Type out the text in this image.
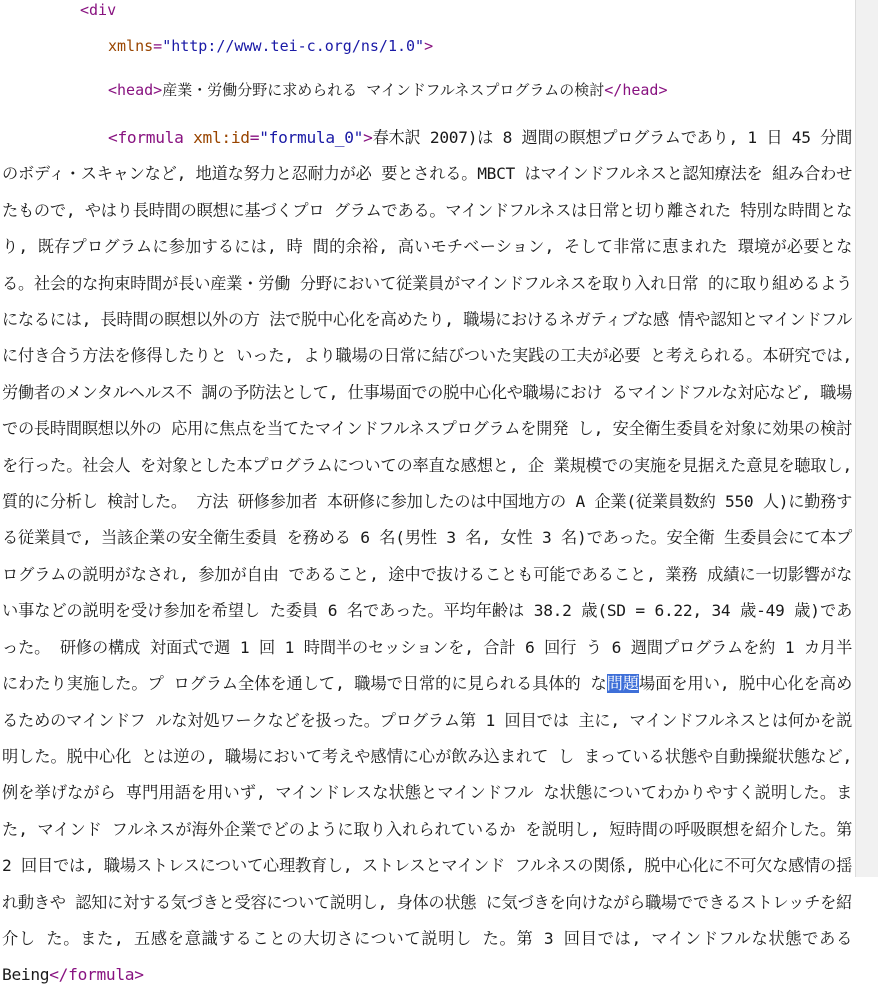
<div
xmlns="http://www.tei-c.org/ns/1.0">
<head>産業・労働分野に求められる マインドフルネスプログラムの検討</head>
<formula xml:id="formula_0">春木訳 2007)は 8 週間の瞑想プログラムであり, 1 日 45 分間のボディ・スキャンなど, 地道な努力と忍耐力が必 要とされる。MBCT はマインドフルネスと認知療法を 組み合わせたもので, やはり長時間の瞑想に基づくプロ グラムである。マインドフルネスは日常と切り離された 特別な時間となり, 既存プログラムに参加するには, 時 間的余裕, 高いモチベーション, そして非常に恵まれた 環境が必要となる。社会的な拘束時間が長い産業・労働 分野において従業員がマインドフルネスを取り入れ日常 的に取り組めるようになるには, 長時間の瞑想以外の方 法で脱中心化を高めたり, 職場におけるネガティブな感 情や認知とマインドフルに付き合う方法を修得したりと いった, より職場の日常に結びついた実践の工夫が必要 と考えられる。本研究では, 労働者のメンタルヘルス不 調の予防法として, 仕事場面での脱中心化や職場におけ るマインドフルな対応など, 職場での長時間瞑想以外の 応用に焦点を当てたマインドフルネスプログラムを開発 し, 安全衛生委員を対象に効果の検討を行った。社会人 を対象とした本プログラムについての率直な感想と, 企 業規模での実施を見据えた意見を聴取し, 質的に分析し 検討した。 方法 研修参加者 本研修に参加したのは中国地方の A 企業(従業員数約 550 人)に勤務する従業員で, 当該企業の安全衛生委員 を務める 6 名(男性 3 名, 女性 3 名)であった。安全衛 生委員会にて本プログラムの説明がなされ, 参加が自由 であること, 途中で抜けることも可能であること, 業務 成績に一切影響がない事などの説明を受け参加を希望し た委員 6 名であった。平均年齢は 38.2 歳(SD = 6.22, 34 歳-49 歳)であった。 研修の構成 対面式で週 1 回 1 時間半のセッションを, 合計 6 回行 う 6 週間プログラムを約 1 カ月半にわたり実施した。プ ログラム全体を通して, 職場で日常的に見られる具体的 な問題場面を用い, 脱中心化を高めるためのマインドフ ルな対処ワークなどを扱った。プログラム第 1 回目では 主に, マインドフルネスとは何かを説明した。脱中心化 とは逆の, 職場において考えや感情に心が飲み込まれて し まっている状態や自動操縦状態など, 例を挙げながら 専門用語を用いず, マインドレスな状態とマインドフル な状態についてわかりやすく説明した。また, マインド フルネスが海外企業でどのように取り入れられているか を説明し, 短時間の呼吸瞑想を紹介した。第 2 回目では, 職場ストレスについて心理教育し, ストレスとマインド フルネスの関係, 脱中心化に不可欠な感情の揺れ動きや 認知に対する気づきと受容について説明し, 身体の状態 に気づきを向けながら職場でできるストレッチを紹介し た。また, 五感を意識することの大切さについて説明し た。第 3 回目では, マインドフルな状態である Being</formula>
